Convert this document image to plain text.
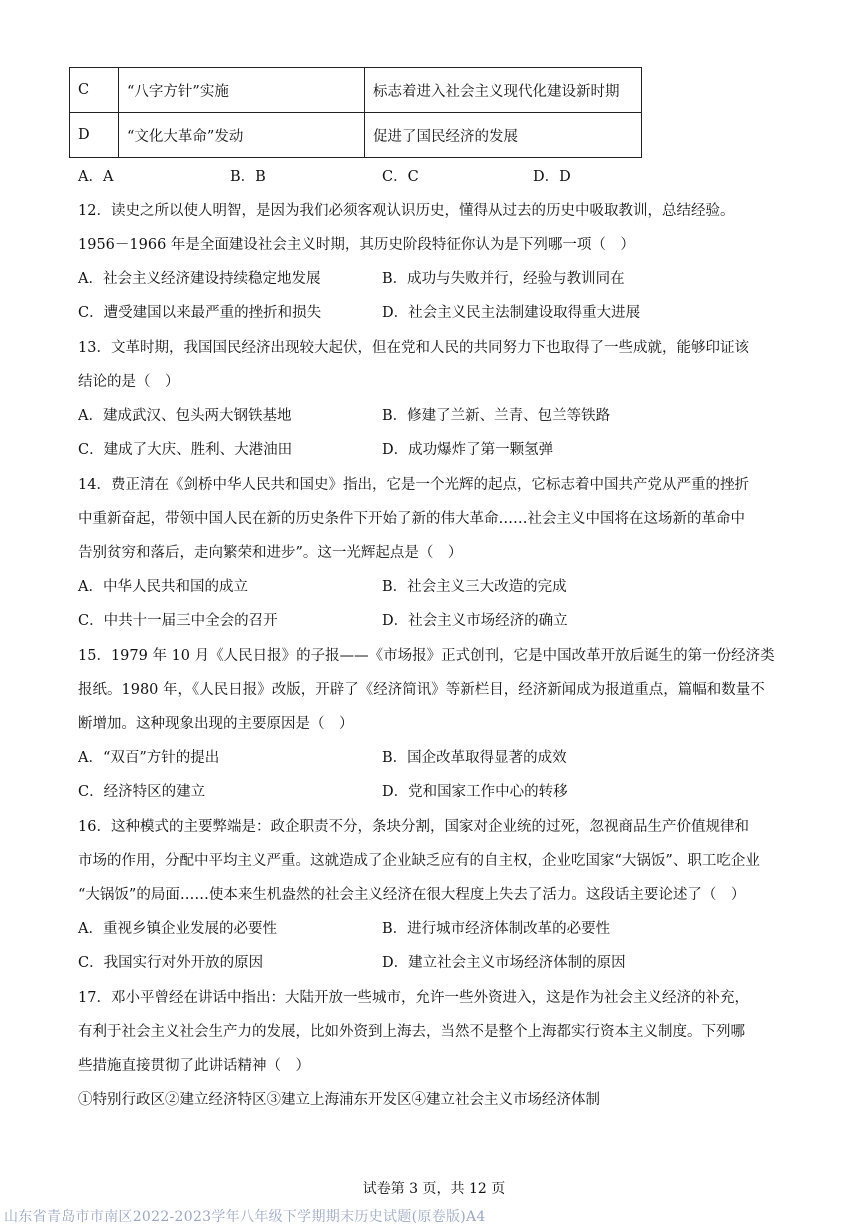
C	“八字方针”实施	标志着进入社会主义现代化建设新时期
D	“文化大革命”发动	促进了国民经济的发展
A．A	B．B	C．C	D．D
12．读史之所以使人明智，是因为我们必须客观认识历史，懂得从过去的历史中吸取教训，总结经验。
1956－1966 年是全面建设社会主义时期，其历史阶段特征你认为是下列哪一项（　）
A．社会主义经济建设持续稳定地发展	B．成功与失败并行，经验与教训同在
C．遭受建国以来最严重的挫折和损失	D．社会主义民主法制建设取得重大进展
13．文革时期，我国国民经济出现较大起伏，但在党和人民的共同努力下也取得了一些成就，能够印证该
结论的是（　）
A．建成武汉、包头两大钢铁基地	B．修建了兰新、兰青、包兰等铁路
C．建成了大庆、胜利、大港油田	D．成功爆炸了第一颗氢弹
14．费正清在《剑桥中华人民共和国史》指出，它是一个光辉的起点，它标志着中国共产党从严重的挫折
中重新奋起，带领中国人民在新的历史条件下开始了新的伟大革命……社会主义中国将在这场新的革命中
告别贫穷和落后，走向繁荣和进步”。这一光辉起点是（　）
A．中华人民共和国的成立	B．社会主义三大改造的完成
C．中共十一届三中全会的召开	D．社会主义市场经济的确立
15．1979 年 10 月《人民日报》的子报——《市场报》正式创刊，它是中国改革开放后诞生的第一份经济类
报纸。1980 年，《人民日报》改版，开辟了《经济简讯》等新栏目，经济新闻成为报道重点，篇幅和数量不
断增加。这种现象出现的主要原因是（　）
A．“双百”方针的提出	B．国企改革取得显著的成效
C．经济特区的建立	D．党和国家工作中心的转移
16．这种模式的主要弊端是：政企职责不分，条块分割，国家对企业统的过死，忽视商品生产价值规律和
市场的作用，分配中平均主义严重。这就造成了企业缺乏应有的自主权，企业吃国家“大锅饭”、职工吃企业
“大锅饭”的局面……使本来生机盎然的社会主义经济在很大程度上失去了活力。这段话主要论述了（　）
A．重视乡镇企业发展的必要性	B．进行城市经济体制改革的必要性
C．我国实行对外开放的原因	D．建立社会主义市场经济体制的原因
17．邓小平曾经在讲话中指出：大陆开放一些城市，允许一些外资进入，这是作为社会主义经济的补充，
有利于社会主义社会生产力的发展，比如外资到上海去，当然不是整个上海都实行资本主义制度。下列哪
些措施直接贯彻了此讲话精神（　）
①特别行政区②建立经济特区③建立上海浦东开发区④建立社会主义市场经济体制
试卷第 3 页，共 12 页
山东省青岛市市南区2022-2023学年八年级下学期期末历史试题(原卷版)A4
